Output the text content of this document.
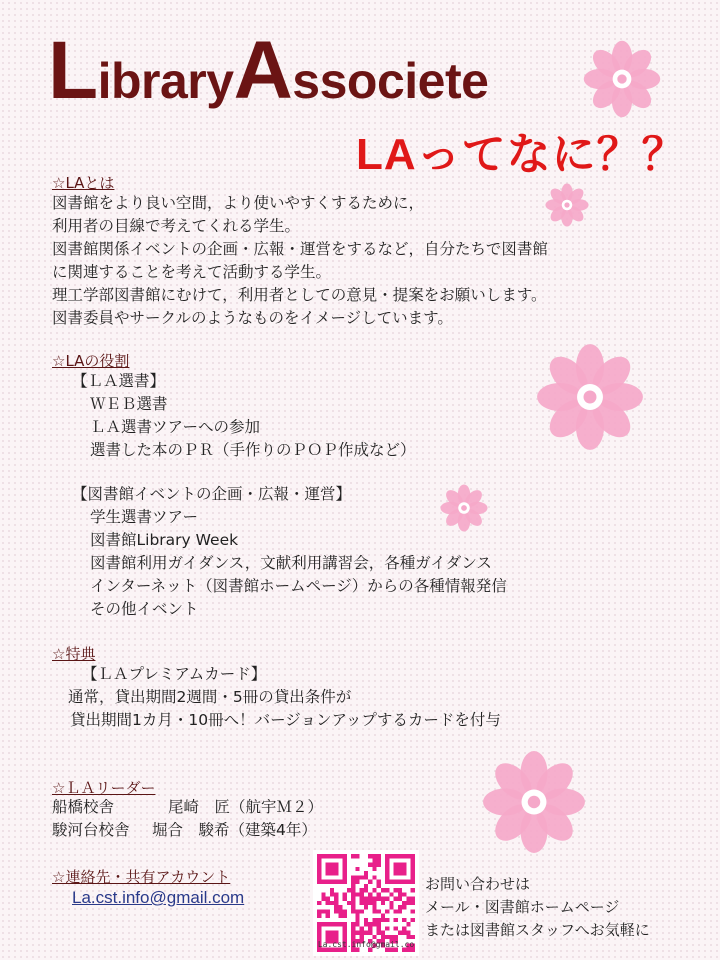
LibraryAssociete
LAってなに？？
☆LAとは
図書館をより良い空間，より使いやすくするために，
利用者の目線で考えてくれる学生。
図書館関係イベントの企画・広報・運営をするなど，自分たちで図書館
に関連することを考えて活動する学生。
理工学部図書館にむけて，利用者としての意見・提案をお願いします。
図書委員やサークルのようなものをイメージしています。
☆LAの役割
【ＬＡ選書】
ＷＥＢ選書
ＬＡ選書ツアーへの参加
選書した本のＰＲ（手作りのＰＯＰ作成など）
【図書館イベントの企画・広報・運営】
学生選書ツアー
図書館Library Week
図書館利用ガイダンス，文献利用講習会，各種ガイダンス
インターネット（図書館ホームページ）からの各種情報発信
その他イベント
☆特典
【ＬＡプレミアムカード】
通常，貸出期間2週間・5冊の貸出条件が
貸出期間1カ月・10冊へ！バージョンアップするカードを付与
☆ＬＡリーダー
船橋校舎	尾崎　匠（航宇Ｍ２）
駿河台校舎 堀合　駿希（建築4年）
☆連絡先・共有アカウント
La.cst.info@gmail.com
La.cst.info@gmail.co
お問い合わせは
メール・図書館ホームページ
または図書館スタッフへお気軽に
